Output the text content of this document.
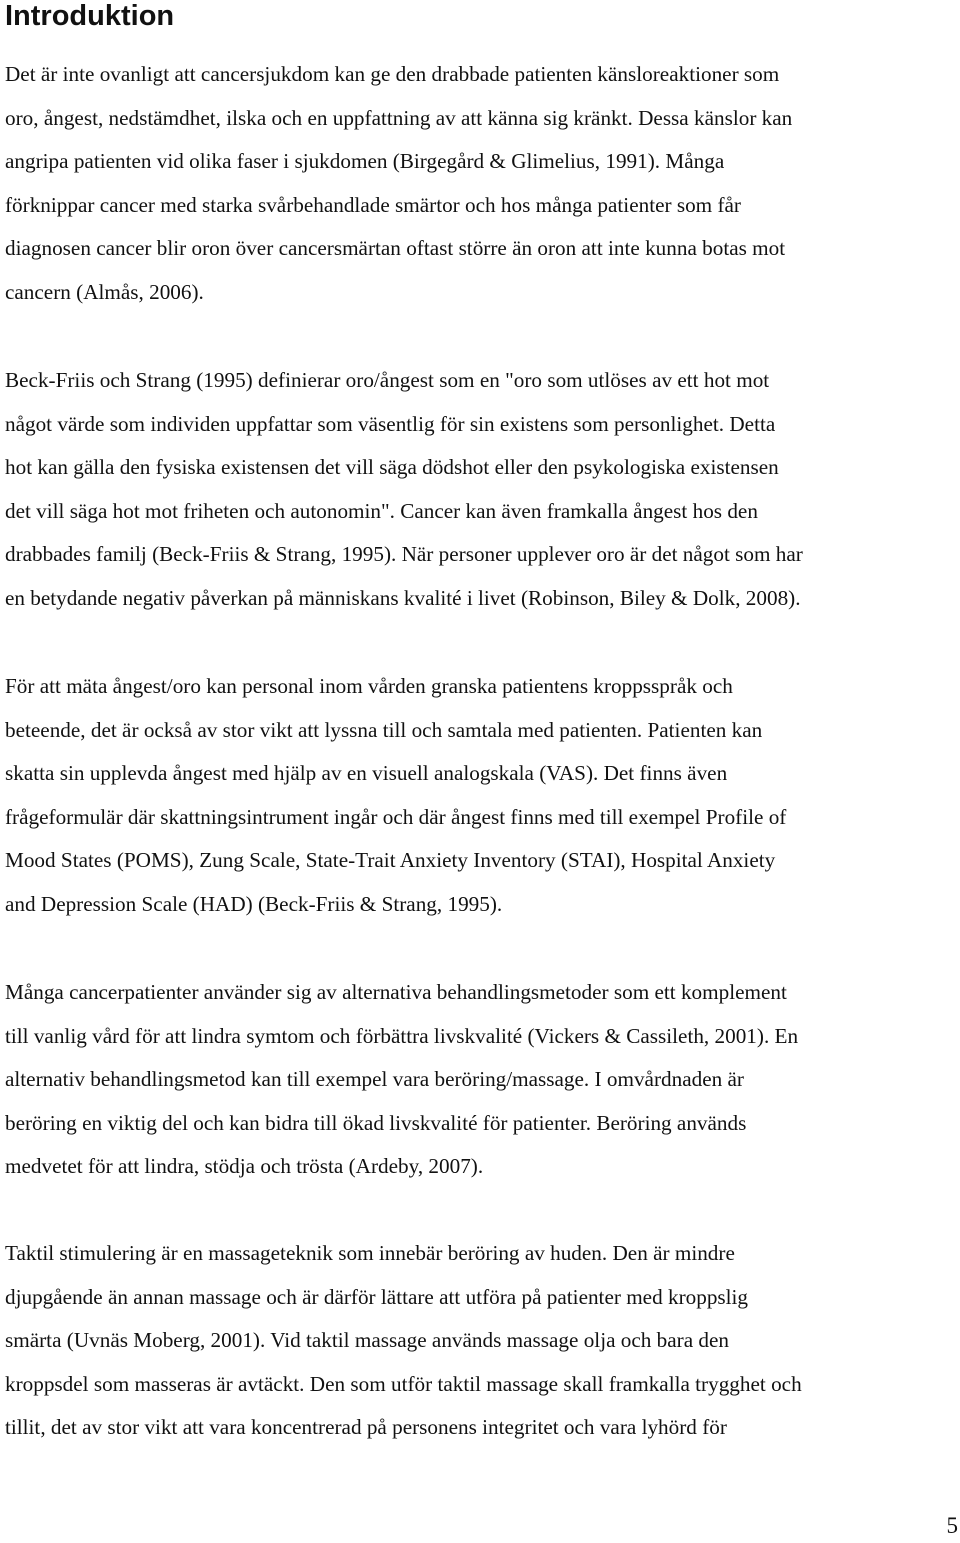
Introduktion

Det är inte ovanligt att cancersjukdom kan ge den drabbade patienten känsloreaktioner som
oro, ångest, nedstämdhet, ilska och en uppfattning av att känna sig kränkt. Dessa känslor kan
angripa patienten vid olika faser i sjukdomen (Birgegård & Glimelius, 1991). Många
förknippar cancer med starka svårbehandlade smärtor och hos många patienter som får
diagnosen cancer blir oron över cancersmärtan oftast större än oron att inte kunna botas mot
cancern (Almås, 2006).

Beck-Friis och Strang (1995) definierar oro/ångest som en "oro som utlöses av ett hot mot
något värde som individen uppfattar som väsentlig för sin existens som personlighet. Detta
hot kan gälla den fysiska existensen det vill säga dödshot eller den psykologiska existensen
det vill säga hot mot friheten och autonomin". Cancer kan även framkalla ångest hos den
drabbades familj (Beck-Friis & Strang, 1995). När personer upplever oro är det något som har
en betydande negativ påverkan på människans kvalité i livet (Robinson, Biley & Dolk, 2008).

För att mäta ångest/oro kan personal inom vården granska patientens kroppsspråk och
beteende, det är också av stor vikt att lyssna till och samtala med patienten. Patienten kan
skatta sin upplevda ångest med hjälp av en visuell analogskala (VAS). Det finns även
frågeformulär där skattningsintrument ingår och där ångest finns med till exempel Profile of
Mood States (POMS), Zung Scale, State-Trait Anxiety Inventory (STAI), Hospital Anxiety
and Depression Scale (HAD) (Beck-Friis & Strang, 1995).

Många cancerpatienter använder sig av alternativa behandlingsmetoder som ett komplement
till vanlig vård för att lindra symtom och förbättra livskvalité (Vickers & Cassileth, 2001). En
alternativ behandlingsmetod kan till exempel vara beröring/massage. I omvårdnaden är
beröring en viktig del och kan bidra till ökad livskvalité för patienter. Beröring används
medvetet för att lindra, stödja och trösta (Ardeby, 2007).

Taktil stimulering är en massageteknik som innebär beröring av huden. Den är mindre
djupgående än annan massage och är därför lättare att utföra på patienter med kroppslig
smärta (Uvnäs Moberg, 2001). Vid taktil massage används massage olja och bara den
kroppsdel som masseras är avtäckt. Den som utför taktil massage skall framkalla trygghet och
tillit, det av stor vikt att vara koncentrerad på personens integritet och vara lyhörd för

5
